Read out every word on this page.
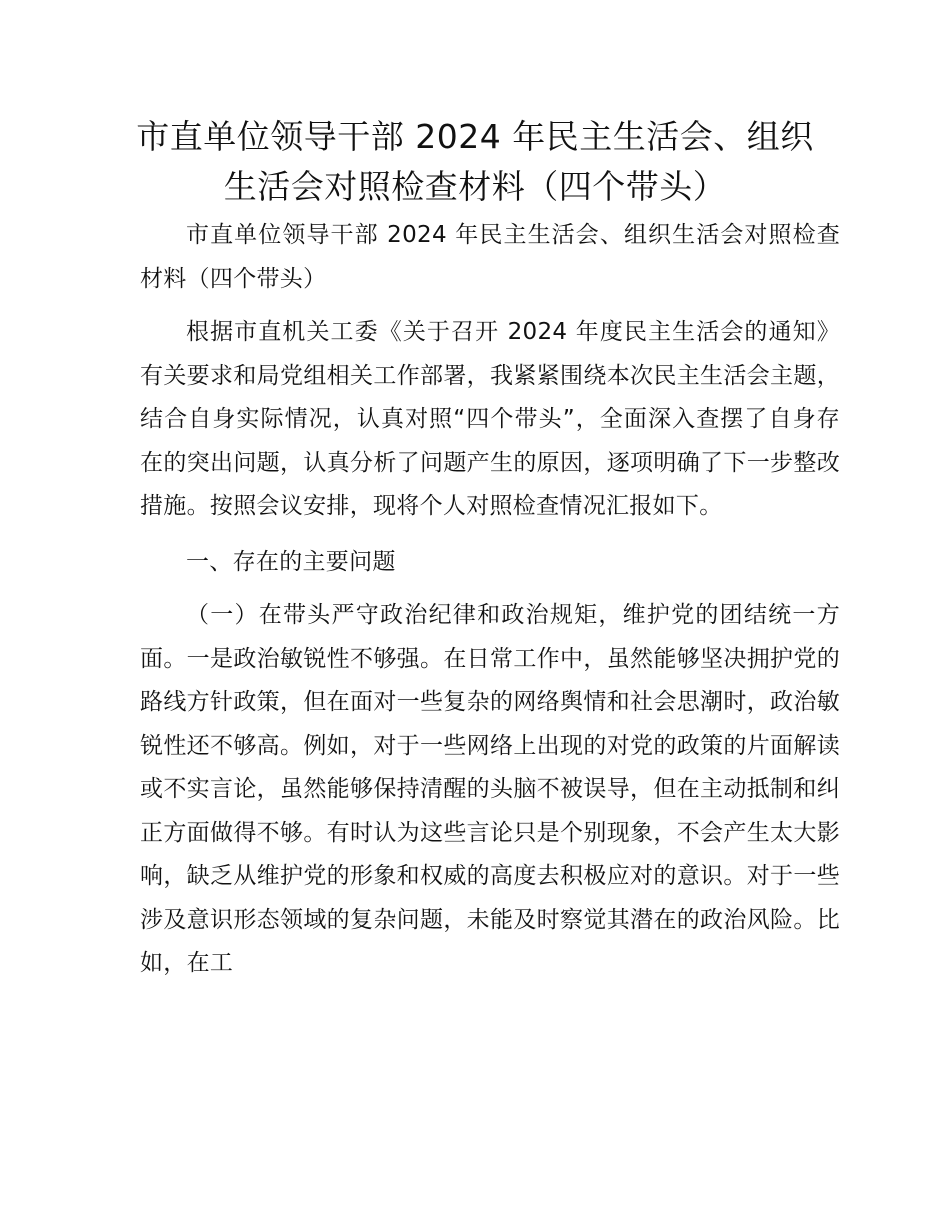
市直单位领导干部 2024 年民主生活会、组织生活会对照检查材料（四个带头）

市直单位领导干部 2024 年民主生活会、组织生活会对照检查材料（四个带头）

根据市直机关工委《关于召开 2024 年度民主生活会的通知》有关要求和局党组相关工作部署，我紧紧围绕本次民主生活会主题，结合自身实际情况，认真对照“四个带头”，全面深入查摆了自身存在的突出问题，认真分析了问题产生的原因，逐项明确了下一步整改措施。按照会议安排，现将个人对照检查情况汇报如下。

一、存在的主要问题

（一）在带头严守政治纪律和政治规矩，维护党的团结统一方面。一是政治敏锐性不够强。在日常工作中，虽然能够坚决拥护党的路线方针政策，但在面对一些复杂的网络舆情和社会思潮时，政治敏锐性还不够高。例如，对于一些网络上出现的对党的政策的片面解读或不实言论，虽然能够保持清醒的头脑不被误导，但在主动抵制和纠正方面做得不够。有时认为这些言论只是个别现象，不会产生太大影响，缺乏从维护党的形象和权威的高度去积极应对的意识。对于一些涉及意识形态领域的复杂问题，未能及时察觉其潜在的政治风险。比如，在工
